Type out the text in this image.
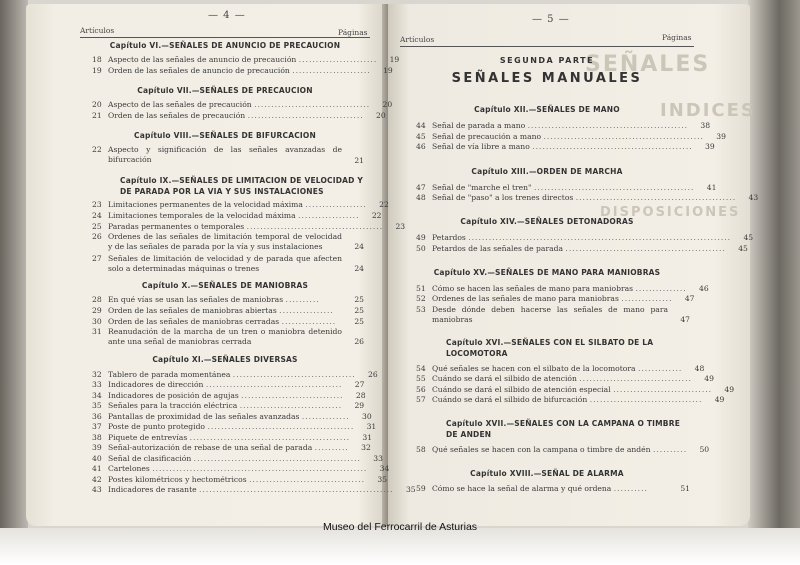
— 4 —
Artículos	Páginas
Capítulo VI.—SEÑALES DE ANUNCIO DE PRECAUCION
18 Aspecto de las señales de anuncio de precaución .......................	19
19 Orden de las señales de anuncio de precaución .......................	19
Capítulo VII.—SEÑALES DE PRECAUCION
20 Aspecto de las señales de precaución ..................................	20
21 Orden de las señales de precaución ..................................	20
Capítulo VIII.—SEÑALES DE BIFURCACION
22 Aspecto y significación de las señales avanzadas de bifurcación	21
Capítulo IX.—SEÑALES DE LIMITACION DE VELOCIDAD Y DE PARADA POR LA VIA Y SUS INSTALACIONES
23 Limitaciones permanentes de la velocidad máxima ..................	22
24 Limitaciones temporales de la velocidad máxima ..................	22
25 Paradas permanentes o temporales ........................................	23
26 Ordenes de las señales de limitación temporal de velocidad y de las señales de parada por la vía y sus instalaciones	24
27 Señales de limitación de velocidad y de parada que afecten solo a determinadas máquinas o trenes	24
Capítulo X.—SEÑALES DE MANIOBRAS
28 En qué vías se usan las señales de maniobras ..........	25
29 Orden de las señales de maniobras abiertas ................	25
30 Orden de las señales de maniobras cerradas ................	25
31 Reanudación de la marcha de un tren o maniobra detenido ante una señal de maniobras cerrada	26
Capítulo XI.—SEÑALES DIVERSAS
32 Tablero de parada momentánea ....................................	26
33 Indicadores de dirección ........................................	27
34 Indicadores de posición de agujas ..............................	28
35 Señales para la tracción eléctrica ..............................	29
36 Pantallas de proximidad de las señales avanzadas ..............	30
37 Poste de punto protegido ...........................................	31
38 Piquete de entrevías ...............................................	31
39 Señal-autorización de rebase de una señal de parada ..........	32
40 Señal de clasificación .................................................	33
41 Cartelones ...............................................................	34
42 Postes kilométricos y hectométricos ..................................	35
43 Indicadores de rasante .........................................................	35
SEÑALES
INDICES
DISPOSICIONES
— 5 —
Artículos	Páginas
SEGUNDA PARTE
SEÑALES MANUALES
Capítulo XII.—SEÑALES DE MANO
44 Señal de parada a mano ...............................................	38
45 Señal de precaución a mano ...............................................	39
46 Señal de vía libre a mano ...............................................	39
Capítulo XIII.—ORDEN DE MARCHA
47 Señal de "marche el tren" ...............................................	41
48 Señal de "paso" a los trenes directos ...............................................	43
Capítulo XIV.—SEÑALES DETONADORAS
49 Petardos .............................................................................	45
50 Petardos de las señales de parada ...............................................	45
Capítulo XV.—SEÑALES DE MANO PARA MANIOBRAS
51 Cómo se hacen las señales de mano para maniobras ...............	46
52 Ordenes de las señales de mano para maniobras ...............	47
53 Desde dónde deben hacerse las señales de mano para maniobras	47
Capítulo XVI.—SEÑALES CON EL SILBATO DE LA LOCOMOTORA
54 Qué señales se hacen con el silbato de la locomotora .............	48
55 Cuándo se dará el silbido de atención .................................	49
56 Cuándo se dará el silbido de atención especial .............................	49
57 Cuándo se dará el silbido de bifurcación .................................	49
Capítulo XVII.—SEÑALES CON LA CAMPANA O TIMBRE DE ANDEN
58 Qué señales se hacen con la campana o timbre de andén ..........	50
Capítulo XVIII.—SEÑAL DE ALARMA
59 Cómo se hace la señal de alarma y qué ordena ..........	51
Museo del Ferrocarril de Asturias
